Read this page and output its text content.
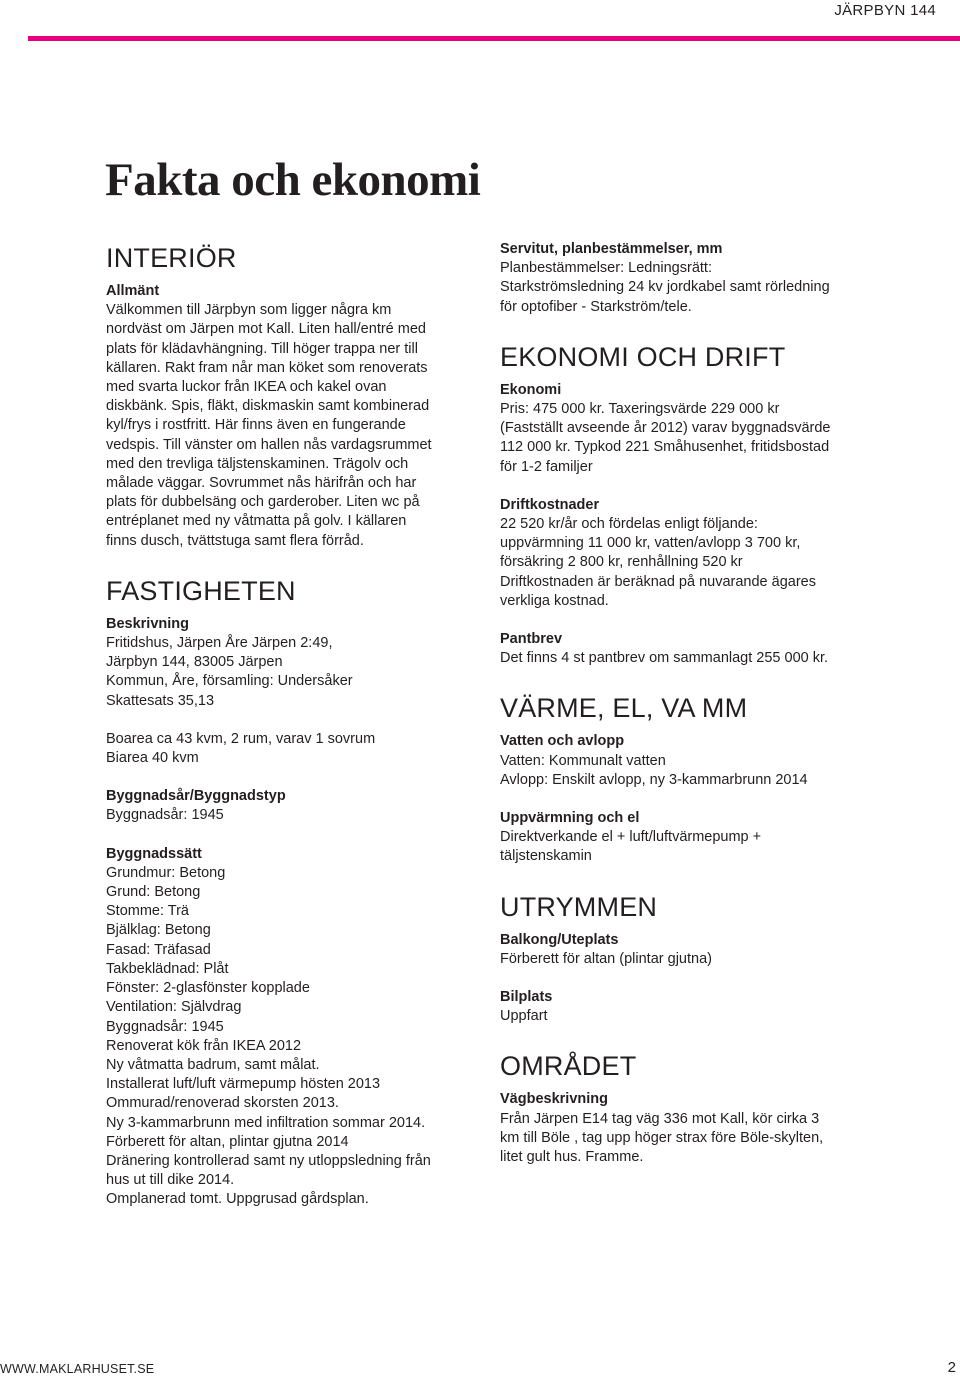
JÄRPBYN 144
Fakta och ekonomi
INTERIÖR
Allmänt
Välkommen till Järpbyn som ligger några km
nordväst om Järpen mot Kall. Liten hall/entré med
plats för klädavhängning. Till höger trappa ner till
källaren. Rakt fram når man köket som renoverats
med svarta luckor från IKEA och kakel ovan
diskbänk. Spis, fläkt, diskmaskin samt kombinerad
kyl/frys i rostfritt. Här finns även en fungerande
vedspis. Till vänster om hallen nås vardagsrummet
med den trevliga täljstenskaminen. Trägolv och
målade väggar. Sovrummet nås härifrån och har
plats för dubbelsäng och garderober. Liten wc på
entréplanet med ny våtmatta på golv. I källaren
finns dusch, tvättstuga samt flera förråd.
FASTIGHETEN
Beskrivning
Fritidshus, Järpen Åre Järpen 2:49,
Järpbyn 144, 83005 Järpen
Kommun, Åre, församling: Undersåker
Skattesats 35,13
Boarea ca 43 kvm, 2 rum, varav 1 sovrum
Biarea 40 kvm
Byggnadsår/Byggnadstyp
Byggnadsår: 1945
Byggnadssätt
Grundmur: Betong
Grund: Betong
Stomme: Trä
Bjälklag: Betong
Fasad: Träfasad
Takbeklädnad: Plåt
Fönster: 2-glasfönster kopplade
Ventilation: Självdrag
Byggnadsår: 1945
Renoverat kök från IKEA 2012
Ny våtmatta badrum, samt målat.
Installerat luft/luft värmepump hösten 2013
Ommurad/renoverad skorsten 2013.
Ny 3-kammarbrunn med infiltration sommar 2014.
Förberett för altan, plintar gjutna 2014
Dränering kontrollerad samt ny utloppsledning från
hus ut till dike 2014.
Omplanerad tomt. Uppgrusad gårdsplan.
Servitut, planbestämmelser, mm
Planbestämmelser: Ledningsrätt:
Starkströmsledning 24 kv jordkabel samt rörledning
för optofiber - Starkström/tele.
EKONOMI OCH DRIFT
Ekonomi
Pris: 475 000 kr. Taxeringsvärde 229 000 kr
(Fastställt avseende år 2012) varav byggnadsvärde
112 000 kr. Typkod 221 Småhusenhet, fritidsbostad
för 1-2 familjer
Driftkostnader
22 520 kr/år och fördelas enligt följande:
uppvärmning 11 000 kr, vatten/avlopp 3 700 kr,
försäkring 2 800 kr, renhållning 520 kr
Driftkostnaden är beräknad på nuvarande ägares
verkliga kostnad.
Pantbrev
Det finns 4 st pantbrev om sammanlagt 255 000 kr.
VÄRME, EL, VA MM
Vatten och avlopp
Vatten: Kommunalt vatten
Avlopp: Enskilt avlopp, ny 3-kammarbrunn 2014
Uppvärmning och el
Direktverkande el + luft/luftvärmepump +
täljstenskamin
UTRYMMEN
Balkong/Uteplats
Förberett för altan (plintar gjutna)
Bilplats
Uppfart
OMRÅDET
Vägbeskrivning
Från Järpen E14 tag väg 336 mot Kall, kör cirka 3
km till Böle , tag upp höger strax före Böle-skylten,
litet gult hus. Framme.
WWW.MAKLARHUSET.SE	2
